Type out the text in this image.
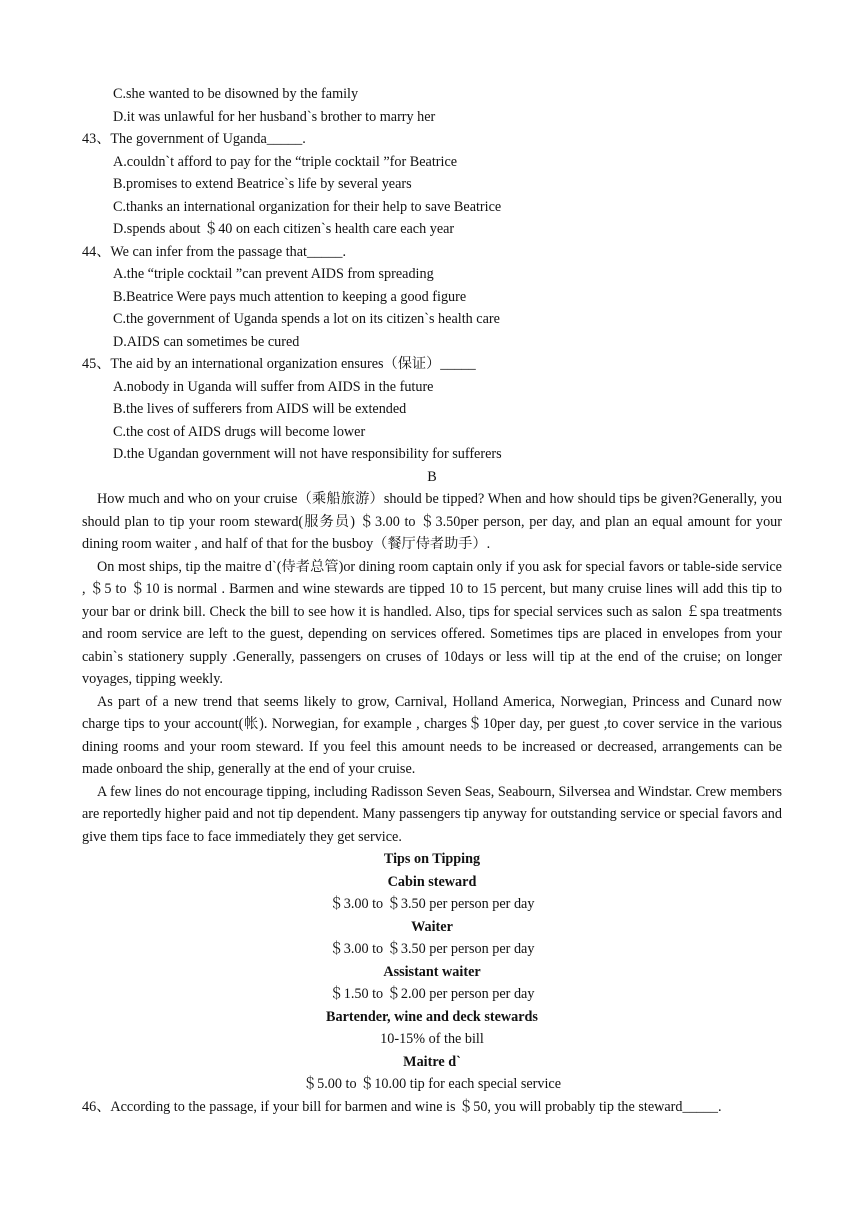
C.she wanted to be disowned by the family
D.it was unlawful for her husband`s brother to marry her
43、The government of Uganda_____.
A.couldn`t afford to pay for the “triple cocktail ”for Beatrice
B.promises to extend Beatrice`s life by several years
C.thanks an international organization for their help to save Beatrice
D.spends about ＄40 on each citizen`s health care each year
44、We can infer from the passage that_____.
A.the “triple cocktail ”can prevent AIDS from spreading
B.Beatrice Were pays much attention to keeping a good figure
C.the government of Uganda spends a lot on its citizen`s health care
D.AIDS can sometimes be cured
45、The aid by an international organization ensures（保证）_____
A.nobody in Uganda will suffer from AIDS in the future
B.the lives of sufferers from AIDS will be extended
C.the cost of AIDS drugs will become lower
D.the Ugandan government will not have responsibility for sufferers
B
How much and who on your cruise（乘船旅游）should be tipped? When and how should tips be given?Generally, you should plan to tip your room steward(服务员) ＄3.00 to ＄3.50per person, per day, and plan an equal amount for your dining room waiter , and half of that for the busboy（餐厅侍者助手）.
On most ships, tip the maitre d`(侍者总管)or dining room captain only if you ask for special favors or table-side service , ＄5 to ＄10 is normal . Barmen and wine stewards are tipped 10 to 15 percent, but many cruise lines will add this tip to your bar or drink bill. Check the bill to see how it is handled. Also, tips for special services such as salon ￡spa treatments and room service are left to the guest, depending on services offered. Sometimes tips are placed in envelopes from your cabin`s stationery supply .Generally, passengers on cruses of 10days or less will tip at the end of the cruise; on longer voyages, tipping weekly.
As part of a new trend that seems likely to grow, Carnival, Holland America, Norwegian, Princess and Cunard now charge tips to your account(帐). Norwegian, for example , charges＄10per day, per guest ,to cover service in the various dining rooms and your room steward. If you feel this amount needs to be increased or decreased, arrangements can be made onboard the ship, generally at the end of your cruise.
A few lines do not encourage tipping, including Radisson Seven Seas, Seabourn, Silversea and Windstar. Crew members are reportedly higher paid and not tip dependent. Many passengers tip anyway for outstanding service or special favors and give them tips face to face immediately they get service.
Tips on Tipping
Cabin steward
＄3.00 to ＄3.50 per person per day
Waiter
＄3.00 to ＄3.50 per person per day
Assistant waiter
＄1.50 to ＄2.00 per person per day
Bartender, wine and deck stewards
10-15% of the bill
Maitre d`
＄5.00 to ＄10.00 tip for each special service
46、According to the passage, if your bill for barmen and wine is ＄50, you will probably tip the steward_____.
